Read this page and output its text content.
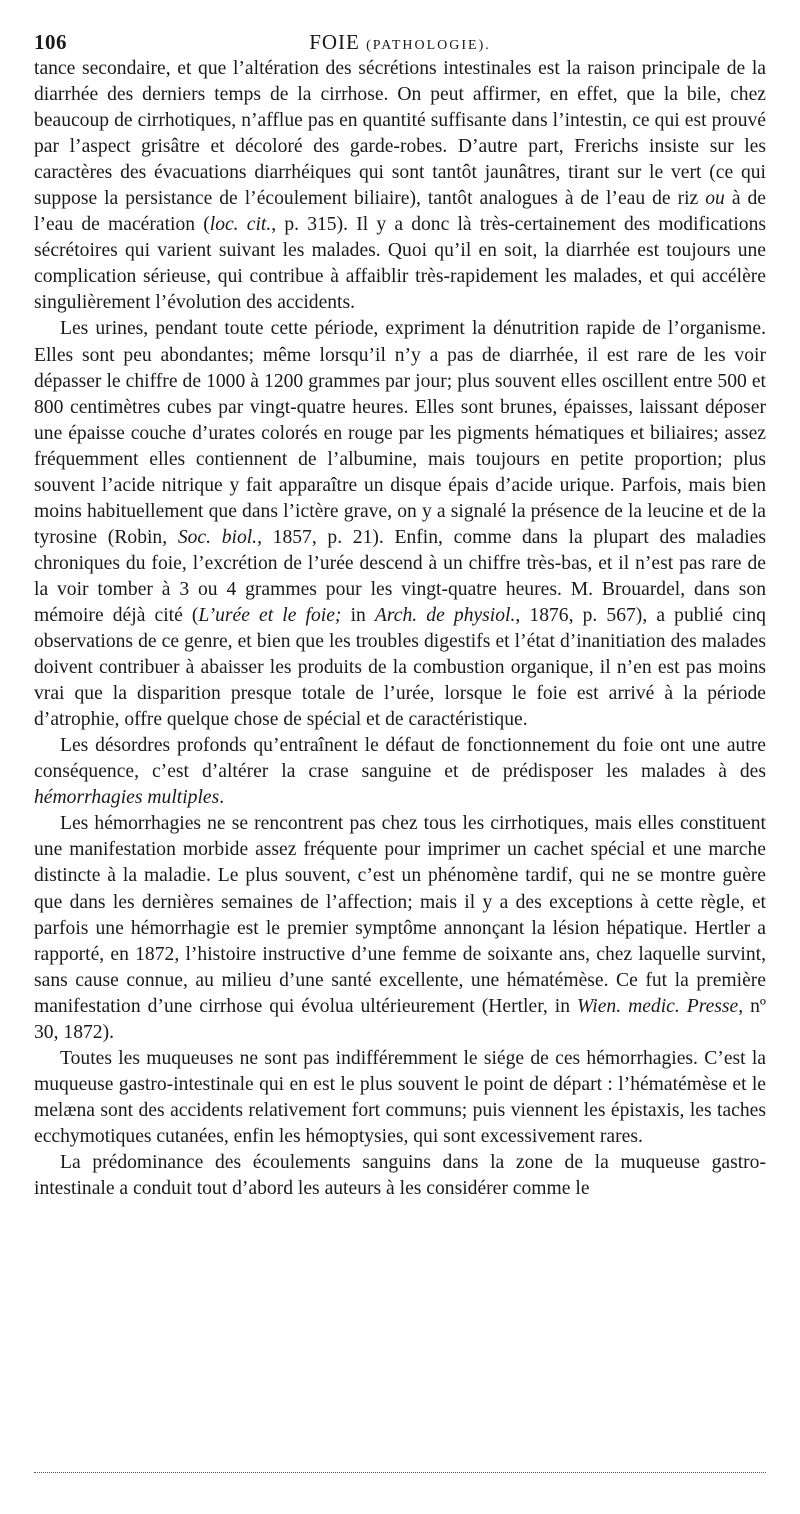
106	FOIE (PATHOLOGIE).

tance secondaire, et que l’altération des sécrétions intestinales est la raison principale de la diarrhée des derniers temps de la cirrhose. On peut affirmer, en effet, que la bile, chez beaucoup de cirrhotiques, n’afflue pas en quantité suffisante dans l’intestin, ce qui est prouvé par l’aspect grisâtre et décoloré des garde-robes. D’autre part, Frerichs insiste sur les caractères des évacuations diarrhéiques qui sont tantôt jaunâtres, tirant sur le vert (ce qui suppose la persistance de l’écoulement biliaire), tantôt analogues à de l’eau de riz ou à de l’eau de macération (loc. cit., p. 315). Il y a donc là très-certainement des modifications sécrétoires qui varient suivant les malades. Quoi qu’il en soit, la diarrhée est toujours une complication sérieuse, qui contribue à affaiblir très-rapidement les malades, et qui accélère singulièrement l’évolution des accidents.

Les urines, pendant toute cette période, expriment la dénutrition rapide de l’organisme. Elles sont peu abondantes; même lorsqu’il n’y a pas de diarrhée, il est rare de les voir dépasser le chiffre de 1000 à 1200 grammes par jour; plus souvent elles oscillent entre 500 et 800 centimètres cubes par vingt-quatre heures. Elles sont brunes, épaisses, laissant déposer une épaisse couche d’urates colorés en rouge par les pigments hématiques et biliaires; assez fréquemment elles contiennent de l’albumine, mais toujours en petite proportion; plus souvent l’acide nitrique y fait apparaître un disque épais d’acide urique. Parfois, mais bien moins habituellement que dans l’ictère grave, on y a signalé la présence de la leucine et de la tyrosine (Robin, Soc. biol., 1857, p. 21). Enfin, comme dans la plupart des maladies chroniques du foie, l’excrétion de l’urée descend à un chiffre très-bas, et il n’est pas rare de la voir tomber à 3 ou 4 grammes pour les vingt-quatre heures. M. Brouardel, dans son mémoire déjà cité (L’urée et le foie; in Arch. de physiol., 1876, p. 567), a publié cinq observations de ce genre, et bien que les troubles digestifs et l’état d’inanitiation des malades doivent contribuer à abaisser les produits de la combustion organique, il n’en est pas moins vrai que la disparition presque totale de l’urée, lorsque le foie est arrivé à la période d’atrophie, offre quelque chose de spécial et de caractéristique.

Les désordres profonds qu’entraînent le défaut de fonctionnement du foie ont une autre conséquence, c’est d’altérer la crase sanguine et de prédisposer les malades à des hémorrhagies multiples.

Les hémorrhagies ne se rencontrent pas chez tous les cirrhotiques, mais elles constituent une manifestation morbide assez fréquente pour imprimer un cachet spécial et une marche distincte à la maladie. Le plus souvent, c’est un phénomène tardif, qui ne se montre guère que dans les dernières semaines de l’affection; mais il y a des exceptions à cette règle, et parfois une hémorrhagie est le premier symptôme annonçant la lésion hépatique. Hertler a rapporté, en 1872, l’histoire instructive d’une femme de soixante ans, chez laquelle survint, sans cause connue, au milieu d’une santé excellente, une hématémèse. Ce fut la première manifestation d’une cirrhose qui évolua ultérieurement (Hertler, in Wien. medic. Presse, nº 30, 1872).

Toutes les muqueuses ne sont pas indifféremment le siége de ces hémorrhagies. C’est la muqueuse gastro-intestinale qui en est le plus souvent le point de départ : l’hématémèse et le melæna sont des accidents relativement fort communs; puis viennent les épistaxis, les taches ecchymotiques cutanées, enfin les hémoptysies, qui sont excessivement rares.

La prédominance des écoulements sanguins dans la zone de la muqueuse gastro-intestinale a conduit tout d’abord les auteurs à les considérer comme le
